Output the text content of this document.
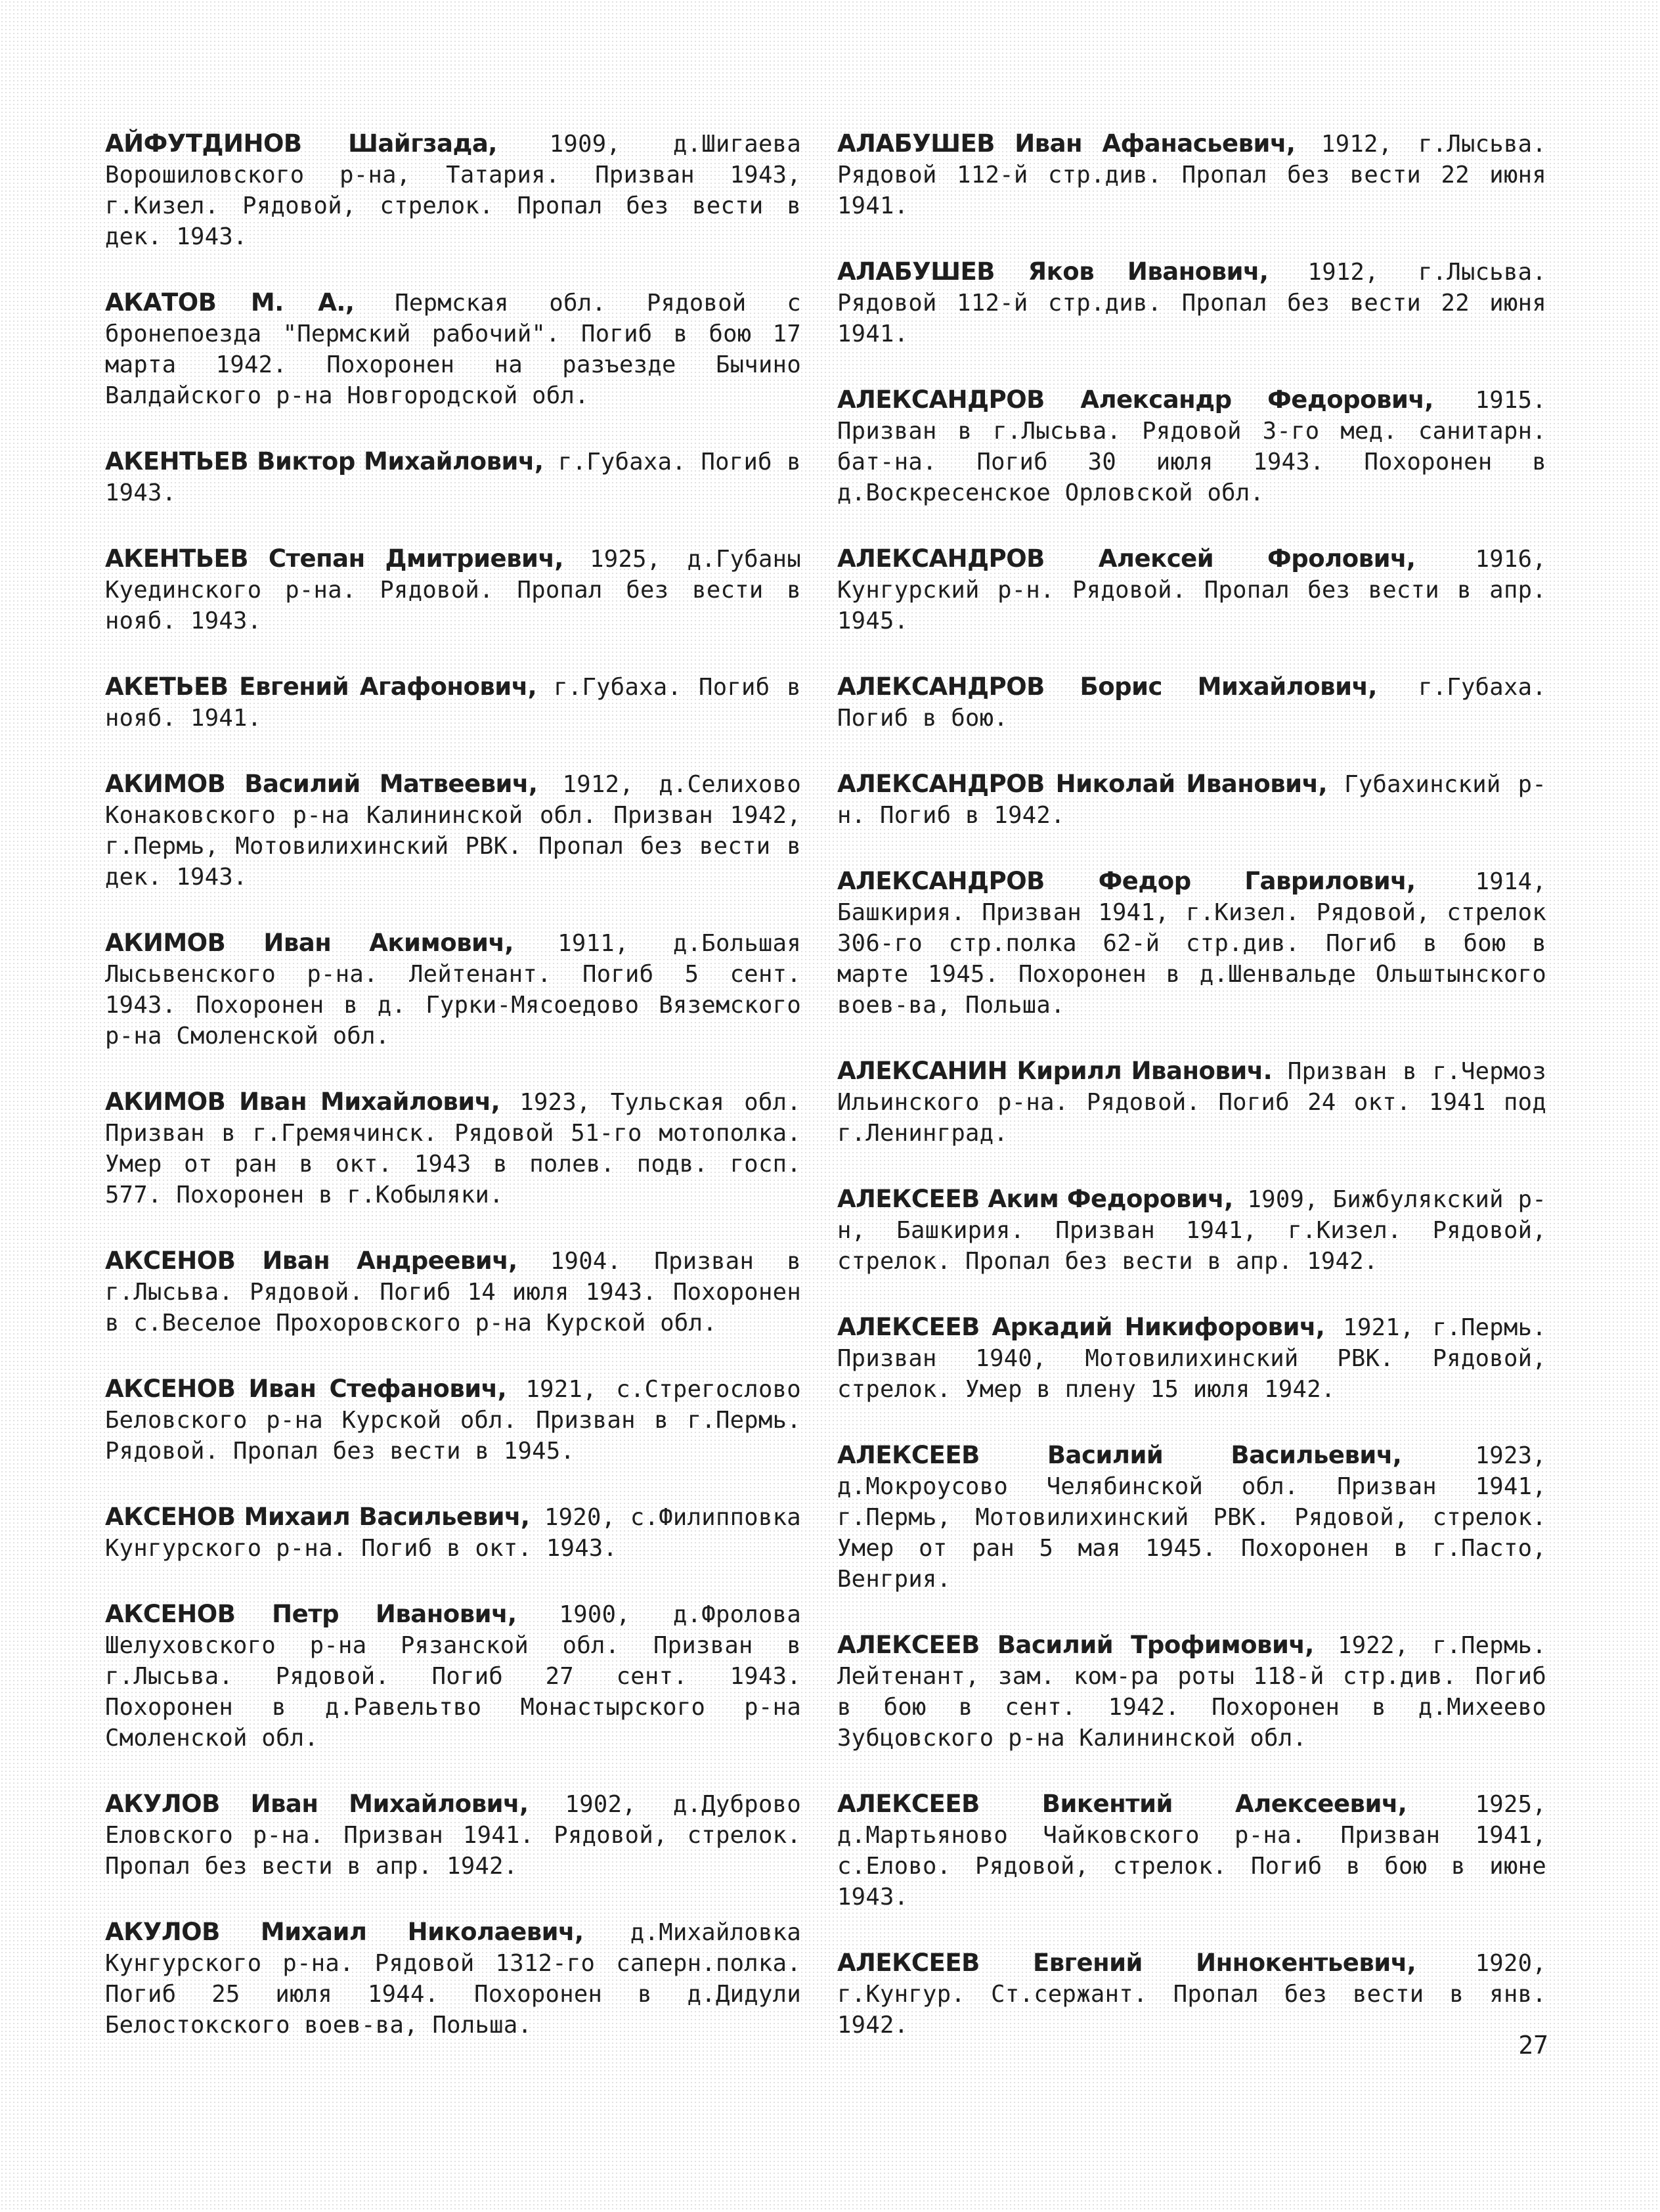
АЙФУТДИНОВ Шайгзада, 1909, д.Шигаева Ворошиловского р-на, Татария. Призван 1943, г.Кизел. Рядовой, стрелок. Пропал без вести в дек. 1943.

АКАТОВ М. А., Пермская обл. Рядовой с бронепоезда "Пермский рабочий". Погиб в бою 17 марта 1942. Похоронен на разъезде Бычино Валдайского р-на Новгородской обл.

АКЕНТЬЕВ Виктор Михайлович, г.Губаха. Погиб в 1943.

АКЕНТЬЕВ Степан Дмитриевич, 1925, д.Губаны Куединского р-на. Рядовой. Пропал без вести в нояб. 1943.

АКЕТЬЕВ Евгений Агафонович, г.Губаха. Погиб в нояб. 1941.

АКИМОВ Василий Матвеевич, 1912, д.Селихово Конаковского р-на Калининской обл. Призван 1942, г.Пермь, Мотовилихинский РВК. Пропал без вести в дек. 1943.

АКИМОВ Иван Акимович, 1911, д.Большая Лысьвенского р-на. Лейтенант. Погиб 5 сент. 1943. Похоронен в д. Гурки-Мясоедово Вяземского р-на Смоленской обл.

АКИМОВ Иван Михайлович, 1923, Тульская обл. Призван в г.Гремячинск. Рядовой 51-го мотополка. Умер от ран в окт. 1943 в полев. подв. госп. 577. Похоронен в г.Кобыляки.

АКСЕНОВ Иван Андреевич, 1904. Призван в г.Лысьва. Рядовой. Погиб 14 июля 1943. Похоронен в с.Веселое Прохоровского р-на Курской обл.

АКСЕНОВ Иван Стефанович, 1921, с.Стрегослово Беловского р-на Курской обл. Призван в г.Пермь. Рядовой. Пропал без вести в 1945.

АКСЕНОВ Михаил Васильевич, 1920, с.Филипповка Кунгурского р-на. Погиб в окт. 1943.

АКСЕНОВ Петр Иванович, 1900, д.Фролова Шелуховского р-на Рязанской обл. Призван в г.Лысьва. Рядовой. Погиб 27 сент. 1943. Похоронен в д.Равельтво Монастырского р-на Смоленской обл.

АКУЛОВ Иван Михайлович, 1902, д.Дуброво Еловского р-на. Призван 1941. Рядовой, стрелок. Пропал без вести в апр. 1942.

АКУЛОВ Михаил Николаевич, д.Михайловка Кунгурского р-на. Рядовой 1312-го саперн.полка. Погиб 25 июля 1944. Похоронен в д.Дидули Белостокского воев-ва, Польша.

АЛАБУШЕВ Иван Афанасьевич, 1912, г.Лысьва. Рядовой 112-й стр.див. Пропал без вести 22 июня 1941.

АЛАБУШЕВ Яков Иванович, 1912, г.Лысьва. Рядовой 112-й стр.див. Пропал без вести 22 июня 1941.

АЛЕКСАНДРОВ Александр Федорович, 1915. Призван в г.Лысьва. Рядовой 3-го мед. санитарн. бат-на. Погиб 30 июля 1943. Похоронен в д.Воскресенское Орловской обл.

АЛЕКСАНДРОВ Алексей Фролович, 1916, Кунгурский р-н. Рядовой. Пропал без вести в апр. 1945.

АЛЕКСАНДРОВ Борис Михайлович, г.Губаха. Погиб в бою.

АЛЕКСАНДРОВ Николай Иванович, Губахинский р-н. Погиб в 1942.

АЛЕКСАНДРОВ Федор Гаврилович, 1914, Башкирия. Призван 1941, г.Кизел. Рядовой, стрелок 306-го стр.полка 62-й стр.див. Погиб в бою в марте 1945. Похоронен в д.Шенвальде Ольштынского воев-ва, Польша.

АЛЕКСАНИН Кирилл Иванович. Призван в г.Чермоз Ильинского р-на. Рядовой. Погиб 24 окт. 1941 под г.Ленинград.

АЛЕКСЕЕВ Аким Федорович, 1909, Бижбулякский р-н, Башкирия. Призван 1941, г.Кизел. Рядовой, стрелок. Пропал без вести в апр. 1942.

АЛЕКСЕЕВ Аркадий Никифорович, 1921, г.Пермь. Призван 1940, Мотовилихинский РВК. Рядовой, стрелок. Умер в плену 15 июля 1942.

АЛЕКСЕЕВ Василий Васильевич, 1923, д.Мокроусово Челябинской обл. Призван 1941, г.Пермь, Мотовилихинский РВК. Рядовой, стрелок. Умер от ран 5 мая 1945. Похоронен в г.Пасто, Венгрия.

АЛЕКСЕЕВ Василий Трофимович, 1922, г.Пермь. Лейтенант, зам. ком-ра роты 118-й стр.див. Погиб в бою в сент. 1942. Похоронен в д.Михеево Зубцовского р-на Калининской обл.

АЛЕКСЕЕВ Викентий Алексеевич, 1925, д.Мартьяново Чайковского р-на. Призван 1941, с.Елово. Рядовой, стрелок. Погиб в бою в июне 1943.

АЛЕКСЕЕВ Евгений Иннокентьевич, 1920, г.Кунгур. Ст.сержант. Пропал без вести в янв. 1942.

27
